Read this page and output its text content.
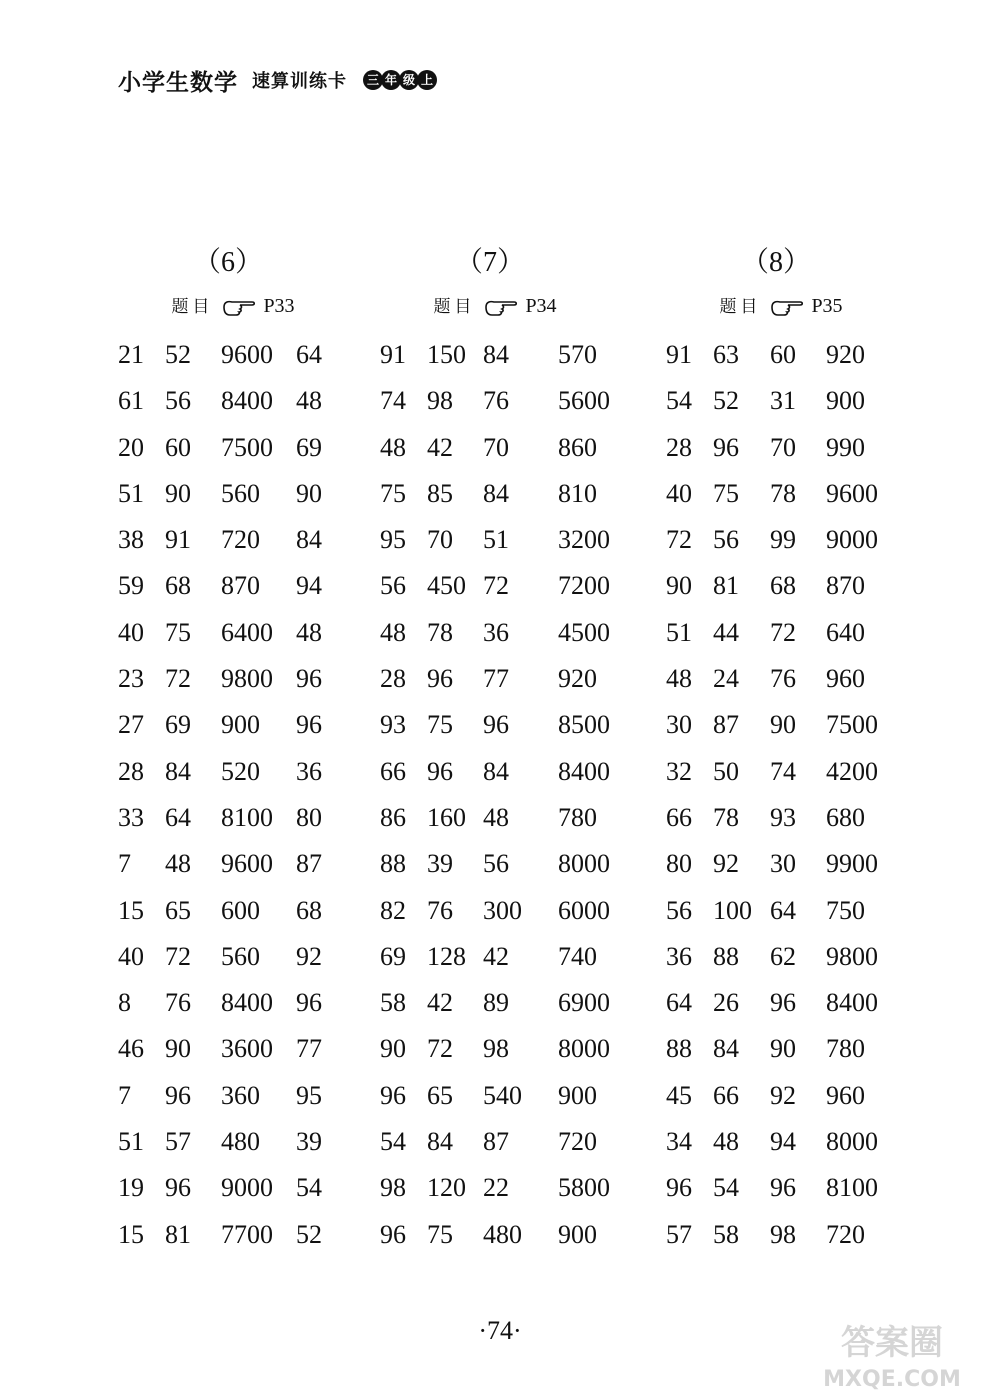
小学生数学 速算训练卡	三 年 级 上
（6）
题目	P33
21 52 9600 64
61 56 8400 48
20 60 7500 69
51 90 560 90
38 91 720 84
59 68 870 94
40 75 6400 48
23 72 9800 96
27 69 900 96
28 84 520 36
33 64 8100 80
7 48 9600 87
15 65 600 68
40 72 560 92
8 76 8400 96
46 90 3600 77
7 96 360 95
51 57 480 39
19 96 9000 54
15 81 7700 52
（7）
题目	P34
91 150 84 570
74 98 76 5600
48 42 70 860
75 85 84 810
95 70 51 3200
56 450 72 7200
48 78 36 4500
28 96 77 920
93 75 96 8500
66 96 84 8400
86 160 48 780
88 39 56 8000
82 76 300 6000
69 128 42 740
58 42 89 6900
90 72 98 8000
96 65 540 900
54 84 87 720
98 120 22 5800
96 75 480 900
（8）
题目	P35
91 63 60 920
54 52 31 900
28 96 70 990
40 75 78 9600
72 56 99 9000
90 81 68 870
51 44 72 640
48 24 76 960
30 87 90 7500
32 50 74 4200
66 78 93 680
80 92 30 9900
56 100 64 750
36 88 62 9800
64 26 96 8400
88 84 90 780
45 66 92 960
34 48 94 8000
96 54 96 8100
57 58 98 720
·74·	答案圈
MXQE.COM
